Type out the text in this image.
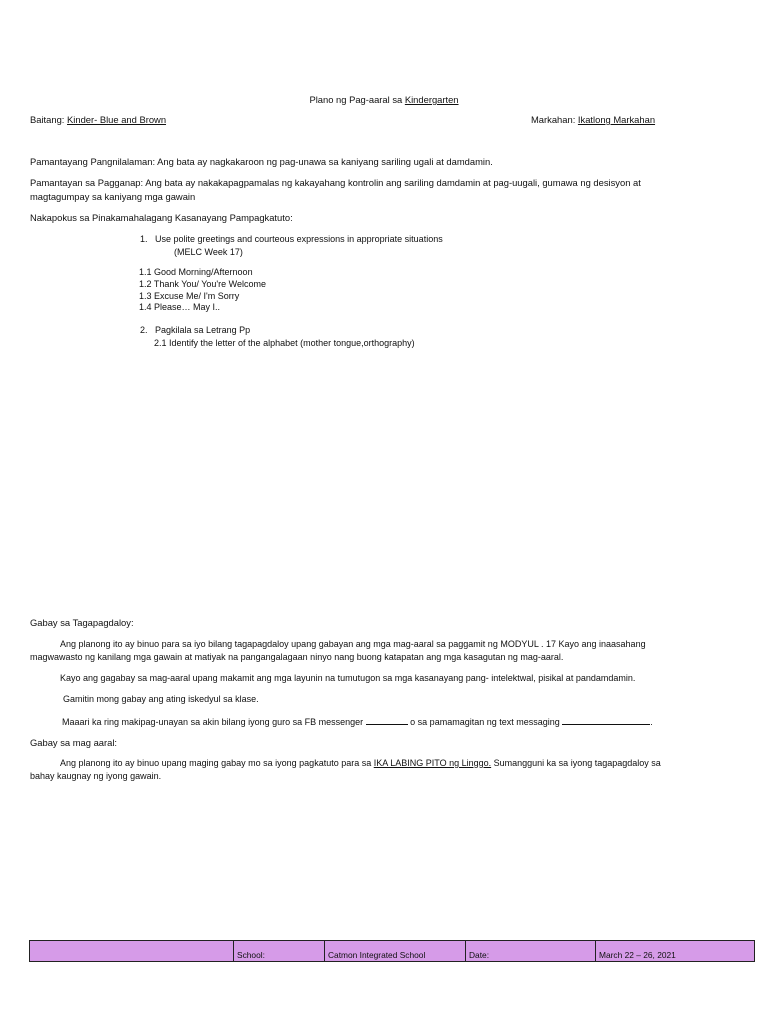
Plano ng Pag-aaral sa Kindergarten
Baitang: Kinder- Blue and Brown	Markahan: Ikatlong Markahan
Pamantayang Pangnilalaman: Ang bata ay nagkakaroon ng pag-unawa sa kaniyang sariling ugali at damdamin.
Pamantayan sa Pagganap: Ang bata ay nakakapagpamalas ng kakayahang kontrolin ang sariling damdamin at pag-uugali, gumawa ng desisyon at
magtagumpay sa kaniyang mga gawain
Nakapokus sa Pinakamahalagang Kasanayang Pampagkatuto:
1. Use polite greetings and courteous expressions in appropriate situations
(MELC Week 17)
1.1 Good Morning/Afternoon
1.2 Thank You/ You're Welcome
1.3 Excuse Me/ I'm Sorry
1.4 Please… May I..
2. Pagkilala sa Letrang Pp
2.1 Identify the letter of the alphabet (mother tongue,orthography)
Gabay sa Tagapagdaloy:
Ang planong ito ay binuo para sa iyo bilang tagapagdaloy upang gabayan ang mga mag-aaral sa paggamit ng MODYUL . 17 Kayo ang inaasahang
magwawasto ng kanilang mga gawain at matiyak na pangangalagaan ninyo nang buong katapatan ang mga kasagutan ng mag-aaral.
Kayo ang gagabay sa mag-aaral upang makamit ang mga layunin na tumutugon sa mga kasanayang pang- intelektwal, pisikal at pandamdamin.
Gamitin mong gabay ang ating iskedyul sa klase.
Maaari ka ring makipag-unayan sa akin bilang iyong guro sa FB messenger	o sa pamamagitan ng text messaging	.
Gabay sa mag aaral:
Ang planong ito ay binuo upang maging gabay mo sa iyong pagkatuto para sa IKA LABING PITO ng Linggo. Sumangguni ka sa iyong tagapagdaloy sa
bahay kaugnay ng iyong gawain.
	School:	Catmon Integrated School	Date:	March 22 – 26, 2021
